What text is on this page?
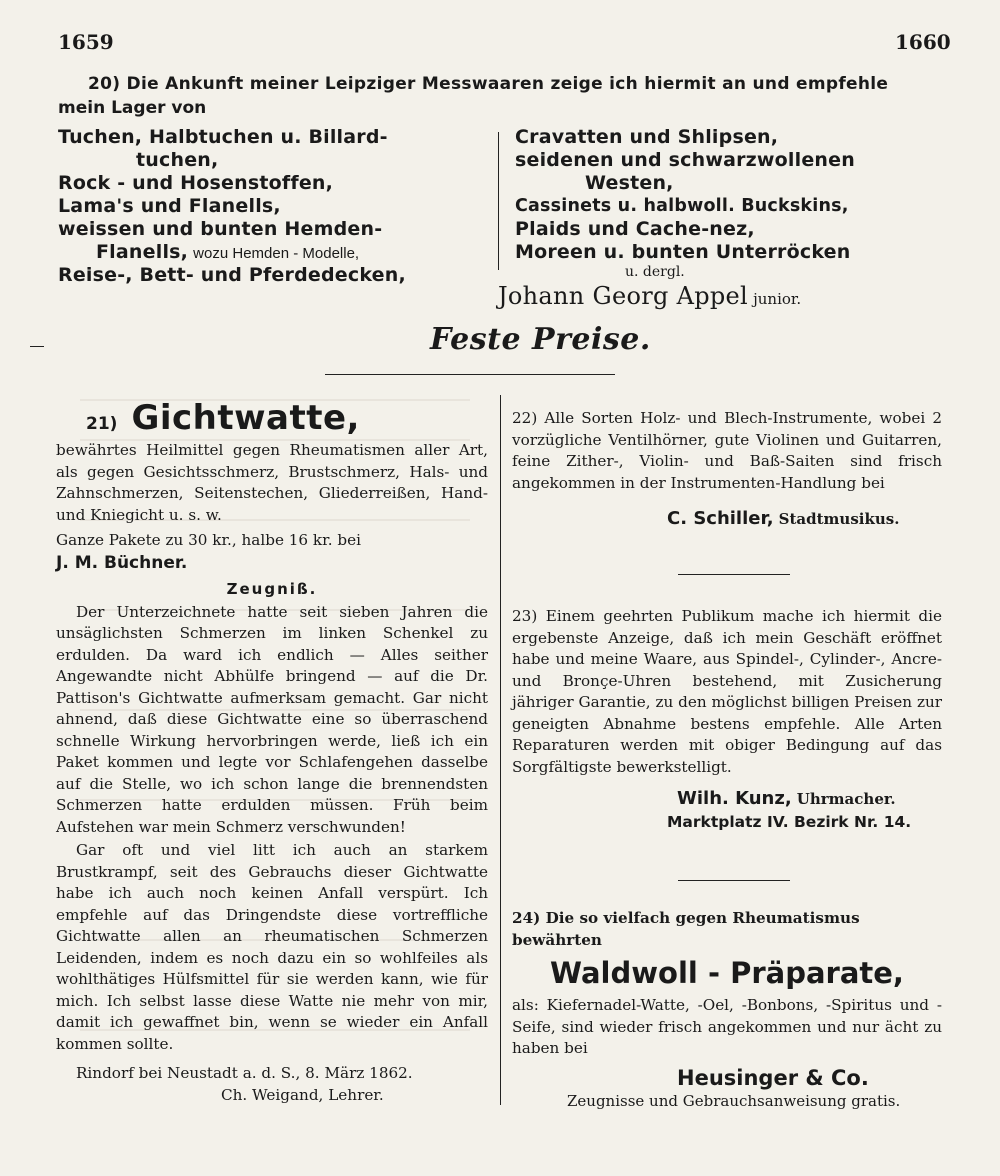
1659	1660
20) Die Ankunft meiner Leipziger Messwaaren zeige ich hiermit an und empfehle
mein Lager von
Tuchen, Halbtuchen u. Billard-
tuchen,
Rock - und Hosenstoffen,
Lama's und Flanells,
weissen und bunten Hemden-
Flanells, wozu Hemden - Modelle,
Reise-, Bett- und Pferdedecken,
Cravatten und Shlipsen,
seidenen und schwarzwollenen
Westen,
Cassinets u. halbwoll. Buckskins,
Plaids und Cache-nez,
Moreen u. bunten Unterröcken
u. dergl.
Johann Georg Appel junior.
Feste Preise.
21) Gichtwatte,

bewährtes Heilmittel gegen Rheumatismen aller Art, als gegen Gesichtsschmerz, Brustschmerz, Hals- und Zahnschmerzen, Seitenstechen, Gliederreißen, Hand- und Kniegicht u. s. w.

Ganze Pakete zu 30 kr., halbe 16 kr. bei

J. M. Büchner.

Zeugniß.

Der Unterzeichnete hatte seit sieben Jahren die unsäglichsten Schmerzen im linken Schenkel zu erdulden. Da ward ich endlich — Alles seither Angewandte nicht Abhülfe bringend — auf die Dr. Pattison's Gichtwatte aufmerksam gemacht. Gar nicht ahnend, daß diese Gichtwatte eine so überraschend schnelle Wirkung hervorbringen werde, ließ ich ein Paket kommen und legte vor Schlafengehen dasselbe auf die Stelle, wo ich schon lange die brennendsten Schmerzen hatte erdulden müssen. Früh beim Aufstehen war mein Schmerz verschwunden!

Gar oft und viel litt ich auch an starkem Brustkrampf, seit des Gebrauchs dieser Gichtwatte habe ich auch noch keinen Anfall verspürt. Ich empfehle auf das Dringendste diese vortreffliche Gichtwatte allen an rheumatischen Schmerzen Leidenden, indem es noch dazu ein so wohlfeiles als wohlthätiges Hülfsmittel für sie werden kann, wie für mich. Ich selbst lasse diese Watte nie mehr von mir, damit ich gewaffnet bin, wenn se wieder ein Anfall kommen sollte.

Rindorf bei Neustadt a. d. S., 8. März 1862.

Ch. Weigand, Lehrer.

22) Alle Sorten Holz- und Blech-Instrumente, wobei 2 vorzügliche Ventilhörner, gute Violinen und Guitarren, feine Zither-, Violin- und Baß-Saiten sind frisch angekommen in der Instrumenten-Handlung bei

C. Schiller, Stadtmusikus.

23) Einem geehrten Publikum mache ich hiermit die ergebenste Anzeige, daß ich mein Geschäft eröffnet habe und meine Waare, aus Spindel-, Cylinder-, Ancre- und Bronçe-Uhren bestehend, mit Zusicherung jähriger Garantie, zu den möglichst billigen Preisen zur geneigten Abnahme bestens empfehle. Alle Arten Reparaturen werden mit obiger Bedingung auf das Sorgfältigste bewerkstelligt.

Wilh. Kunz, Uhrmacher.

Marktplatz IV. Bezirk Nr. 14.

24) Die so vielfach gegen Rheumatismus bewährten

Waldwoll - Präparate,

als: Kiefernadel-Watte, -Oel, -Bonbons, -Spiritus und -Seife, sind wieder frisch angekommen und nur ächt zu haben bei

Heusinger & Co.

Zeugnisse und Gebrauchsanweisung gratis.
